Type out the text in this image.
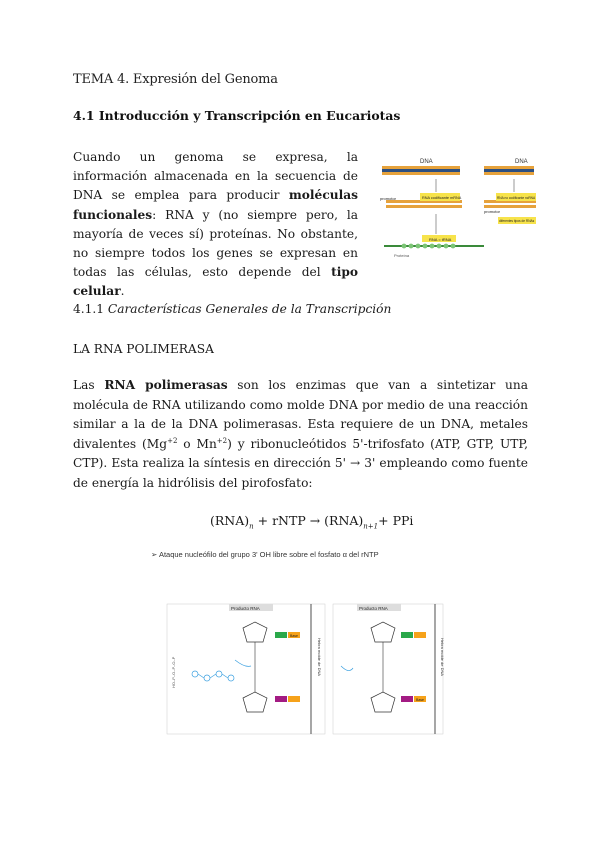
TEMA 4. Expresión del Genoma
4.1 Introducción y Transcripción en Eucariotas
Cuando un genoma se expresa, la información almacenada en la secuencia de DNA se emplea para producir moléculas funcionales: RNA y (no siempre pero, la mayoría de veces sí) proteínas. No obstante, no siempre todos los genes se expresan en todas las células, esto depende del tipo celular.
DNA	DNA
promotor
promotor
RNA codificante mRNA	RNA no codificante ncRNA
diferentes tipos de RNAs
RNA = tRNA
Proteína
4.1.1 Características Generales de la Transcripción
LA RNA POLIMERASA
Las RNA polimerasas son los enzimas que van a sintetizar una molécula de RNA utilizando como molde DNA por medio de una reacción similar a la de la DNA polimerasas. Esta requiere de un DNA, metales divalentes ($Mg^{+2}$ o $Mn^{+2}$) y ribonucleótidos 5'-trifosfato (ATP, GTP, UTP, CTP). Esta realiza la síntesis en dirección 5' → 3' empleando como fuente de energía la hidrólisis del pirofosfato:
$(RNA)_n$ + rNTP → $(RNA)_{n+1}+$ PPi
➢ Ataque nucleófilo del grupo 3' OH libre sobre el fosfato α del rNTP
Producto RNA
HO–P–O–P–O–P	Hebra molde de DNA
Base
Producto RNA
Hebra molde de DNA
Base
